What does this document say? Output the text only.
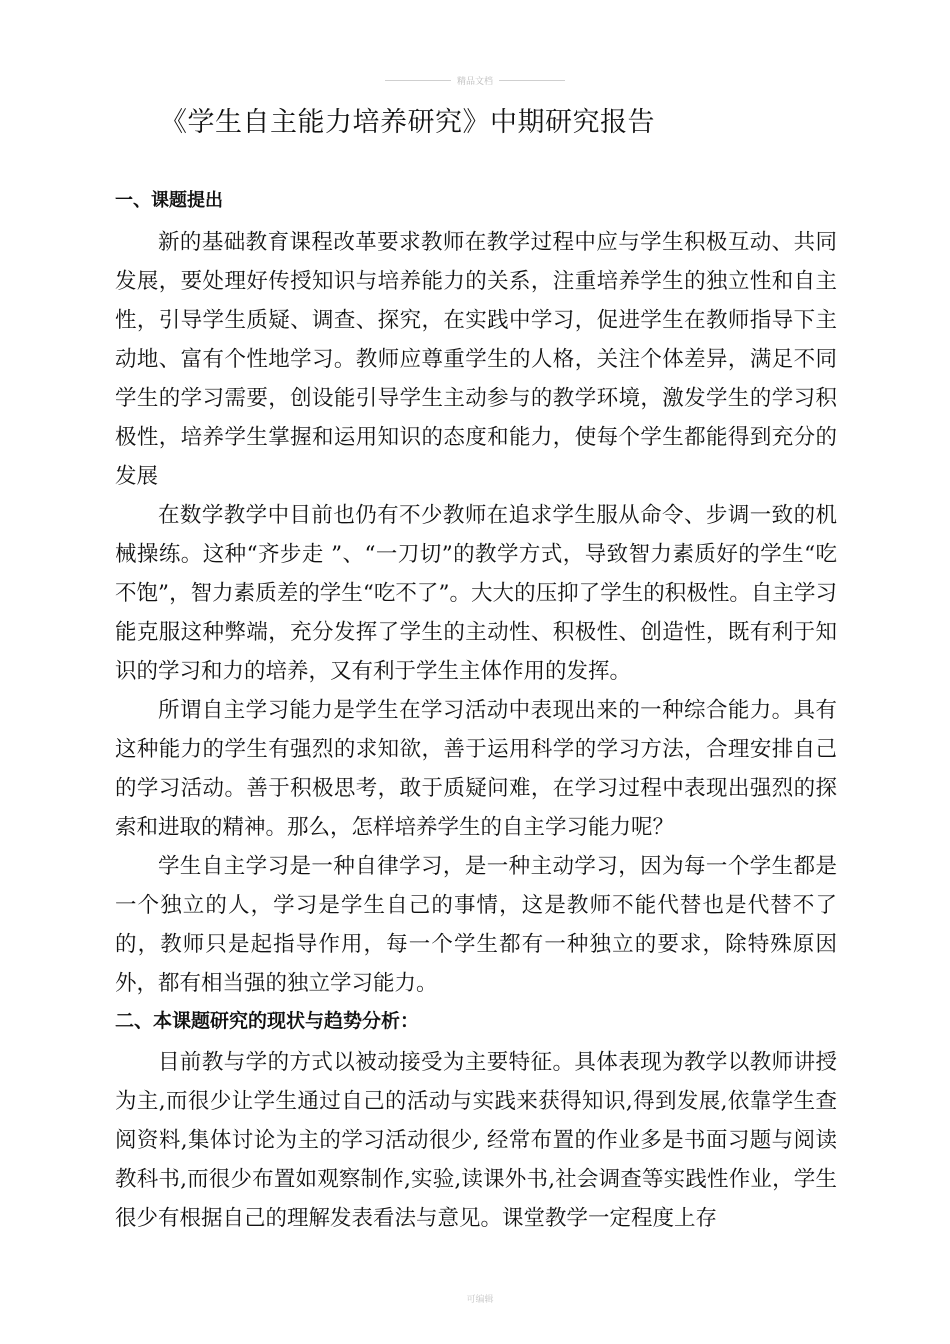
精品文档
《学生自主能力培养研究》中期研究报告
一、课题提出

新的基础教育课程改革要求教师在教学过程中应与学生积极互动、共同发展，要处理好传授知识与培养能力的关系，注重培养学生的独立性和自主性，引导学生质疑、调查、探究，在实践中学习，促进学生在教师指导下主动地、富有个性地学习。教师应尊重学生的人格，关注个体差异，满足不同学生的学习需要，创设能引导学生主动参与的教学环境，激发学生的学习积极性，培养学生掌握和运用知识的态度和能力，使每个学生都能得到充分的发展

在数学教学中目前也仍有不少教师在追求学生服从命令、步调一致的机械操练。这种“齐步走 ”、“一刀切”的教学方式，导致智力素质好的学生“吃不饱”，智力素质差的学生“吃不了”。大大的压抑了学生的积极性。自主学习能克服这种弊端，充分发挥了学生的主动性、积极性、创造性，既有利于知识的学习和力的培养，又有利于学生主体作用的发挥。

所谓自主学习能力是学生在学习活动中表现出来的一种综合能力。具有这种能力的学生有强烈的求知欲，善于运用科学的学习方法，合理安排自己的学习活动。善于积极思考，敢于质疑问难，在学习过程中表现出强烈的探索和进取的精神。那么，怎样培养学生的自主学习能力呢？

学生自主学习是一种自律学习，是一种主动学习，因为每一个学生都是一个独立的人，学习是学生自己的事情，这是教师不能代替也是代替不了的，教师只是起指导作用，每一个学生都有一种独立的要求，除特殊原因外，都有相当强的独立学习能力。

二、本课题研究的现状与趋势分析：

目前教与学的方式以被动接受为主要特征。具体表现为教学以教师讲授为主,而很少让学生通过自己的活动与实践来获得知识,得到发展,依靠学生查阅资料,集体讨论为主的学习活动很少, 经常布置的作业多是书面习题与阅读教科书,而很少布置如观察制作,实验,读课外书,社会调查等实践性作业，学生很少有根据自己的理解发表看法与意见。课堂教学一定程度上存

可编辑
